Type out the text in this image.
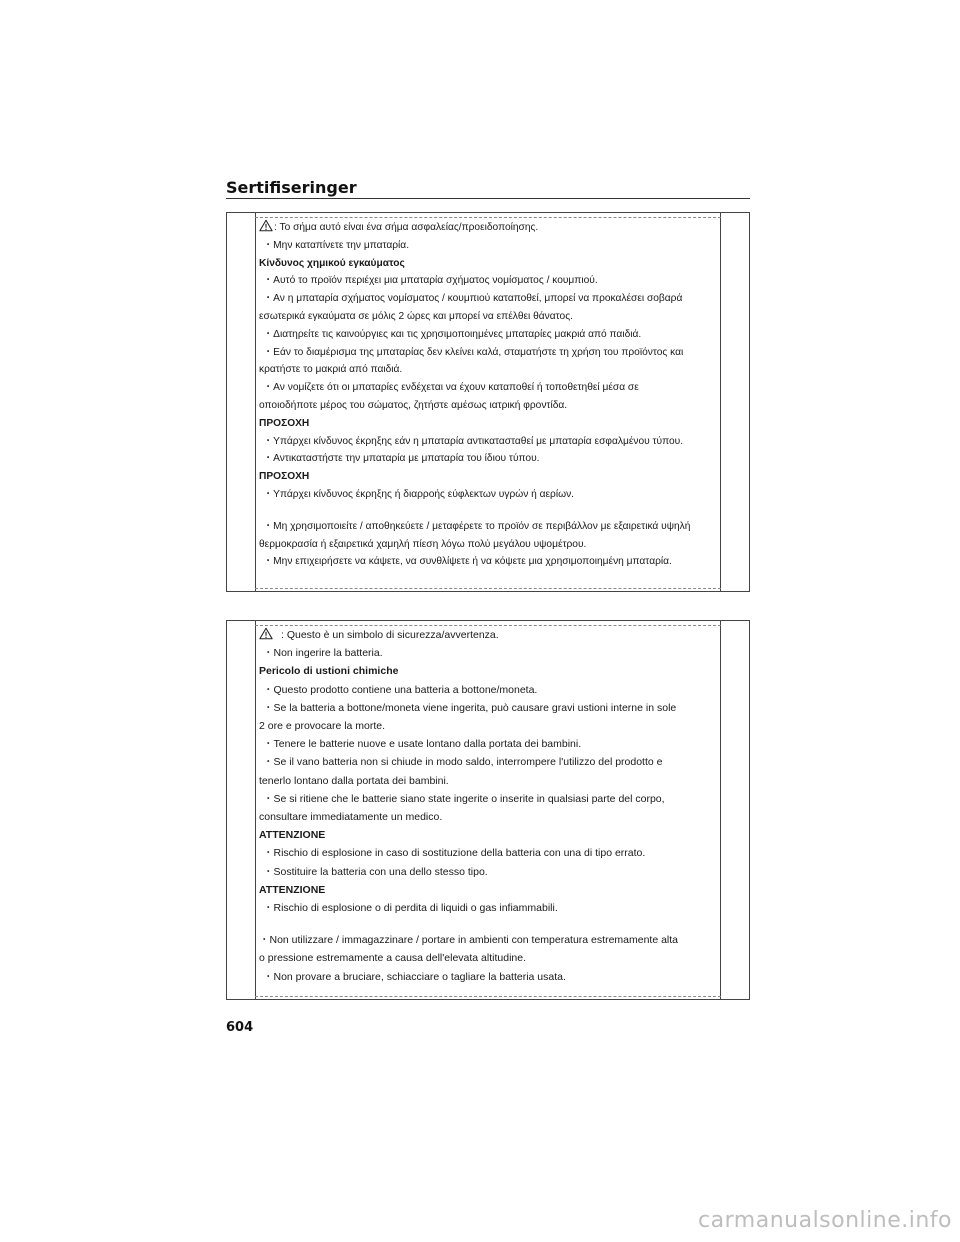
Sertifiseringer
: Το σήμα αυτό είναι ένα σήμα ασφαλείας/προειδοποίησης.
・Μην καταπίνετε την μπαταρία.
Κίνδυνος χημικού εγκαύματος
・Αυτό το προϊόν περιέχει μια μπαταρία σχήματος νομίσματος / κουμπιού.
・Αν η μπαταρία σχήματος νομίσματος / κουμπιού καταποθεί, μπορεί να προκαλέσει σοβαρά
εσωτερικά εγκαύματα σε μόλις 2 ώρες και μπορεί να επέλθει θάνατος.
・Διατηρείτε τις καινούργιες και τις χρησιμοποιημένες μπαταρίες μακριά από παιδιά.
・Εάν το διαμέρισμα της μπαταρίας δεν κλείνει καλά, σταματήστε τη χρήση του προϊόντος και
κρατήστε το μακριά από παιδιά.
・Αν νομίζετε ότι οι μπαταρίες ενδέχεται να έχουν καταποθεί ή τοποθετηθεί μέσα σε
οποιοδήποτε μέρος του σώματος, ζητήστε αμέσως ιατρική φροντίδα.
ΠΡΟΣΟΧΗ
・Υπάρχει κίνδυνος έκρηξης εάν η μπαταρία αντικατασταθεί με μπαταρία εσφαλμένου τύπου.
・Αντικαταστήστε την μπαταρία με μπαταρία του ίδιου τύπου.
ΠΡΟΣΟΧΗ
・Υπάρχει κίνδυνος έκρηξης ή διαρροής εύφλεκτων υγρών ή αερίων.
・Μη χρησιμοποιείτε / αποθηκεύετε / μεταφέρετε το προϊόν σε περιβάλλον με εξαιρετικά υψηλή
θερμοκρασία ή εξαιρετικά χαμηλή πίεση λόγω πολύ μεγάλου υψομέτρου.
・Μην επιχειρήσετε να κάψετε, να συνθλίψετε ή να κόψετε μια χρησιμοποιημένη μπαταρία.
: Questo è un simbolo di sicurezza/avvertenza.
・Non ingerire la batteria.
Pericolo di ustioni chimiche
・Questo prodotto contiene una batteria a bottone/moneta.
・Se la batteria a bottone/moneta viene ingerita, può causare gravi ustioni interne in sole
2 ore e provocare la morte.
・Tenere le batterie nuove e usate lontano dalla portata dei bambini.
・Se il vano batteria non si chiude in modo saldo, interrompere l'utilizzo del prodotto e
tenerlo lontano dalla portata dei bambini.
・Se si ritiene che le batterie siano state ingerite o inserite in qualsiasi parte del corpo,
consultare immediatamente un medico.
ATTENZIONE
・Rischio di esplosione in caso di sostituzione della batteria con una di tipo errato.
・Sostituire la batteria con una dello stesso tipo.
ATTENZIONE
・Rischio di esplosione o di perdita di liquidi o gas infiammabili.
・Non utilizzare / immagazzinare / portare in ambienti con temperatura estremamente alta
o pressione estremamente a causa dell'elevata altitudine.
・Non provare a bruciare, schiacciare o tagliare la batteria usata.
604
carmanualsonline.info
